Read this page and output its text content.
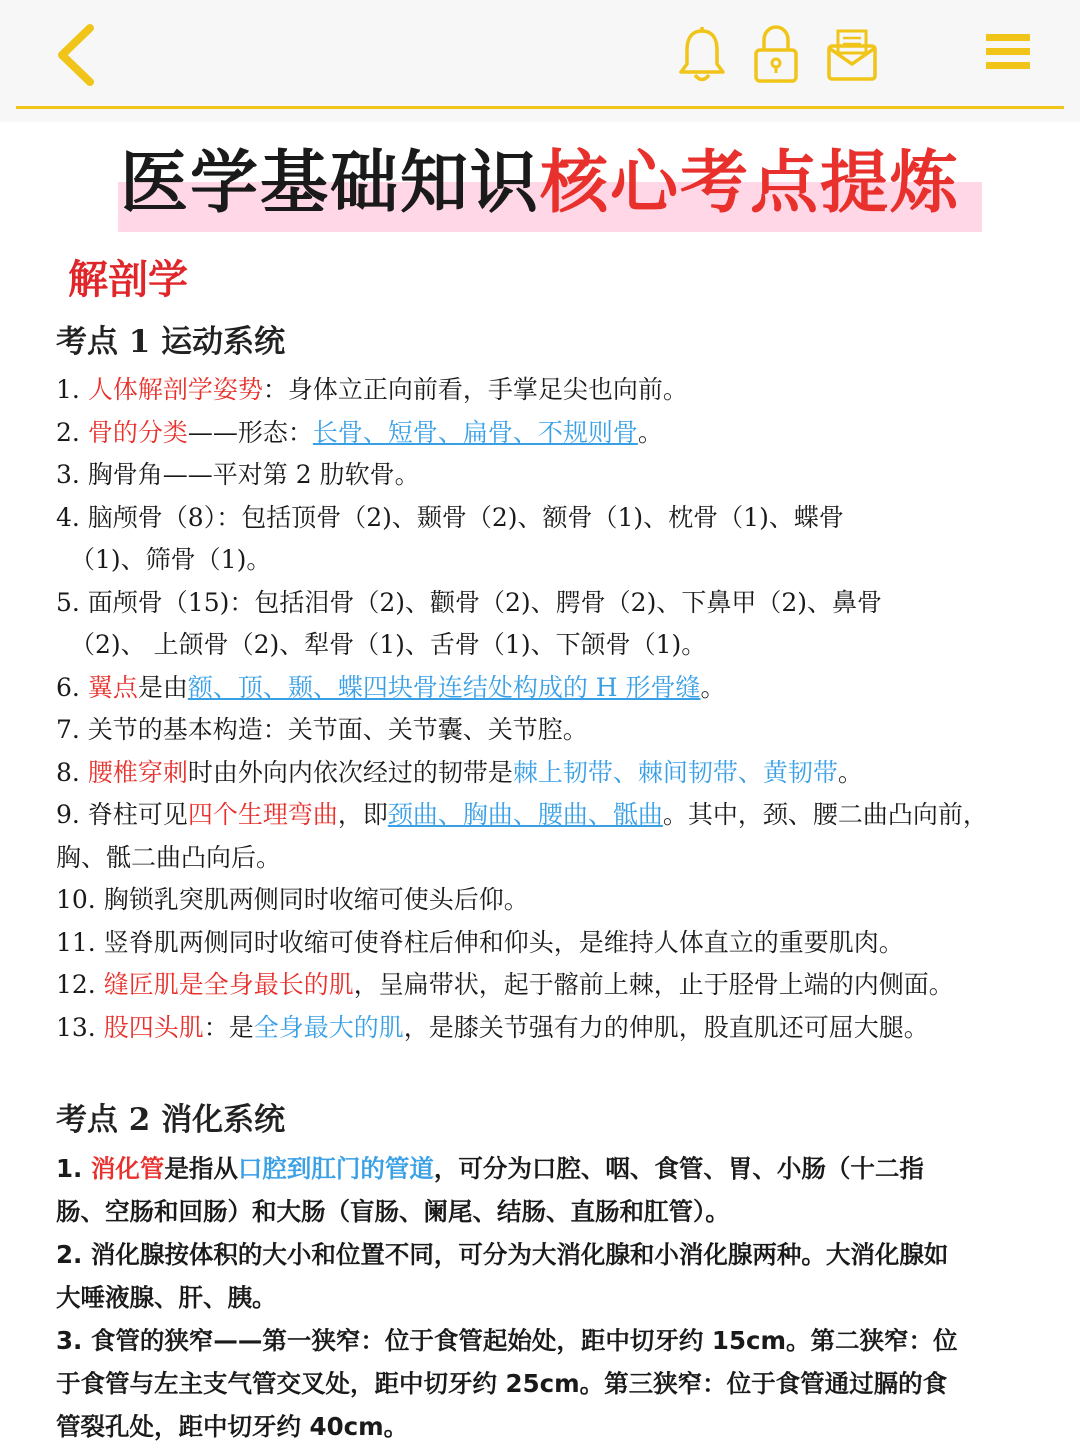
医学基础知识核心考点提炼
解剖学
考点 1 运动系统

1. 人体解剖学姿势：身体立正向前看，手掌足尖也向前。

2. 骨的分类——形态：长骨、短骨、扁骨、不规则骨。

3. 胸骨角——平对第 2 肋软骨。

4. 脑颅骨（8）：包括顶骨（2)、颞骨（2)、额骨（1)、枕骨（1)、蝶骨

（1)、筛骨（1)。

5. 面颅骨（15)：包括泪骨（2)、颧骨（2)、腭骨（2)、下鼻甲（2)、鼻骨

（2)、 上颌骨（2)、犁骨（1)、舌骨（1)、下颌骨（1)。

6. 翼点是由额、顶、颞、蝶四块骨连结处构成的 H 形骨缝。

7. 关节的基本构造：关节面、关节囊、关节腔。

8. 腰椎穿刺时由外向内依次经过的韧带是棘上韧带、棘间韧带、黄韧带。

9. 脊柱可见四个生理弯曲，即颈曲、胸曲、腰曲、骶曲。其中，颈、腰二曲凸向前，

胸、骶二曲凸向后。

10. 胸锁乳突肌两侧同时收缩可使头后仰。

11. 竖脊肌两侧同时收缩可使脊柱后伸和仰头，是维持人体直立的重要肌肉。

12. 缝匠肌是全身最长的肌，呈扁带状，起于髂前上棘，止于胫骨上端的内侧面。

13. 股四头肌：是全身最大的肌，是膝关节强有力的伸肌，股直肌还可屈大腿。

考点 2 消化系统

1. 消化管是指从口腔到肛门的管道，可分为口腔、咽、食管、胃、小肠（十二指

肠、空肠和回肠）和大肠（盲肠、阑尾、结肠、直肠和肛管）。

2. 消化腺按体积的大小和位置不同，可分为大消化腺和小消化腺两种。大消化腺如

大唾液腺、肝、胰。

3. 食管的狭窄——第一狭窄：位于食管起始处，距中切牙约 15cm。第二狭窄：位

于食管与左主支气管交叉处，距中切牙约 25cm。第三狭窄：位于食管通过膈的食

管裂孔处，距中切牙约 40cm。
